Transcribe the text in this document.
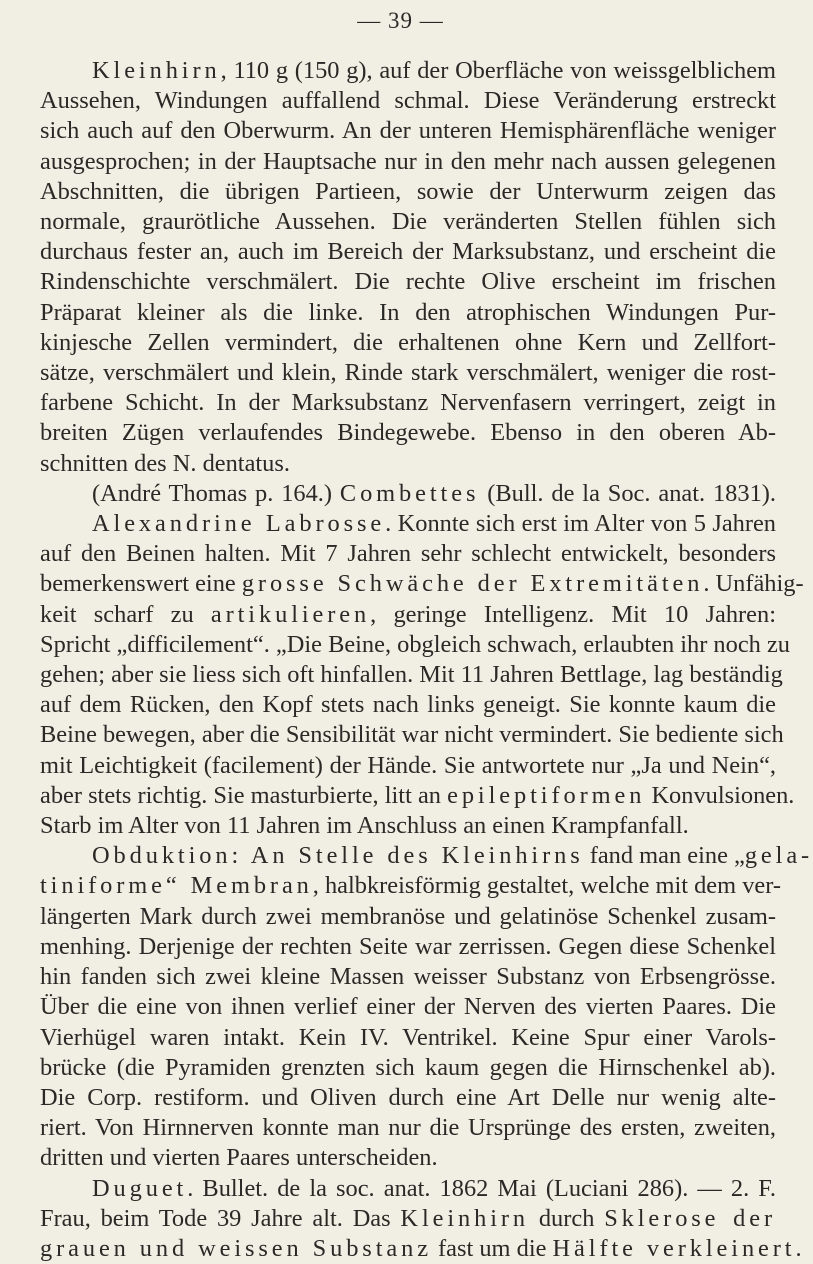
— 39 —
Kleinhirn, 110 g (150 g), auf der Oberfläche von weissgelblichem
Aussehen, Windungen auffallend schmal. Diese Veränderung erstreckt
sich auch auf den Oberwurm. An der unteren Hemisphärenfläche weniger
ausgesprochen; in der Hauptsache nur in den mehr nach aussen gelegenen
Abschnitten, die übrigen Partieen, sowie der Unterwurm zeigen das
normale, graurötliche Aussehen. Die veränderten Stellen fühlen sich
durchaus fester an, auch im Bereich der Marksubstanz, und erscheint die
Rindenschichte verschmälert. Die rechte Olive erscheint im frischen
Präparat kleiner als die linke. In den atrophischen Windungen Pur-
kinjesche Zellen vermindert, die erhaltenen ohne Kern und Zellfort-
sätze, verschmälert und klein, Rinde stark verschmälert, weniger die rost-
farbene Schicht. In der Marksubstanz Nervenfasern verringert, zeigt in
breiten Zügen verlaufendes Bindegewebe. Ebenso in den oberen Ab-
schnitten des N. dentatus.
(André Thomas p. 164.) Combettes (Bull. de la Soc. anat. 1831).
Alexandrine Labrosse. Konnte sich erst im Alter von 5 Jahren
auf den Beinen halten. Mit 7 Jahren sehr schlecht entwickelt, besonders
bemerkenswert eine grosse Schwäche der Extremitäten. Unfähig-
keit scharf zu artikulieren, geringe Intelligenz. Mit 10 Jahren:
Spricht „difficilement“. „Die Beine, obgleich schwach, erlaubten ihr noch zu
gehen; aber sie liess sich oft hinfallen. Mit 11 Jahren Bettlage, lag beständig
auf dem Rücken, den Kopf stets nach links geneigt. Sie konnte kaum die
Beine bewegen, aber die Sensibilität war nicht vermindert. Sie bediente sich
mit Leichtigkeit (facilement) der Hände. Sie antwortete nur „Ja und Nein“,
aber stets richtig. Sie masturbierte, litt an epileptiformen Konvulsionen.
Starb im Alter von 11 Jahren im Anschluss an einen Krampfanfall.
Obduktion: An Stelle des Kleinhirns fand man eine „gela-
tiniforme“ Membran, halbkreisförmig gestaltet, welche mit dem ver-
längerten Mark durch zwei membranöse und gelatinöse Schenkel zusam-
menhing. Derjenige der rechten Seite war zerrissen. Gegen diese Schenkel
hin fanden sich zwei kleine Massen weisser Substanz von Erbsengrösse.
Über die eine von ihnen verlief einer der Nerven des vierten Paares. Die
Vierhügel waren intakt. Kein IV. Ventrikel. Keine Spur einer Varols-
brücke (die Pyramiden grenzten sich kaum gegen die Hirnschenkel ab).
Die Corp. restiform. und Oliven durch eine Art Delle nur wenig alte-
riert. Von Hirnnerven konnte man nur die Ursprünge des ersten, zweiten,
dritten und vierten Paares unterscheiden.
Duguet. Bullet. de la soc. anat. 1862 Mai (Luciani 286). — 2. F.
Frau, beim Tode 39 Jahre alt. Das Kleinhirn durch Sklerose der
grauen und weissen Substanz fast um die Hälfte verkleinert.
